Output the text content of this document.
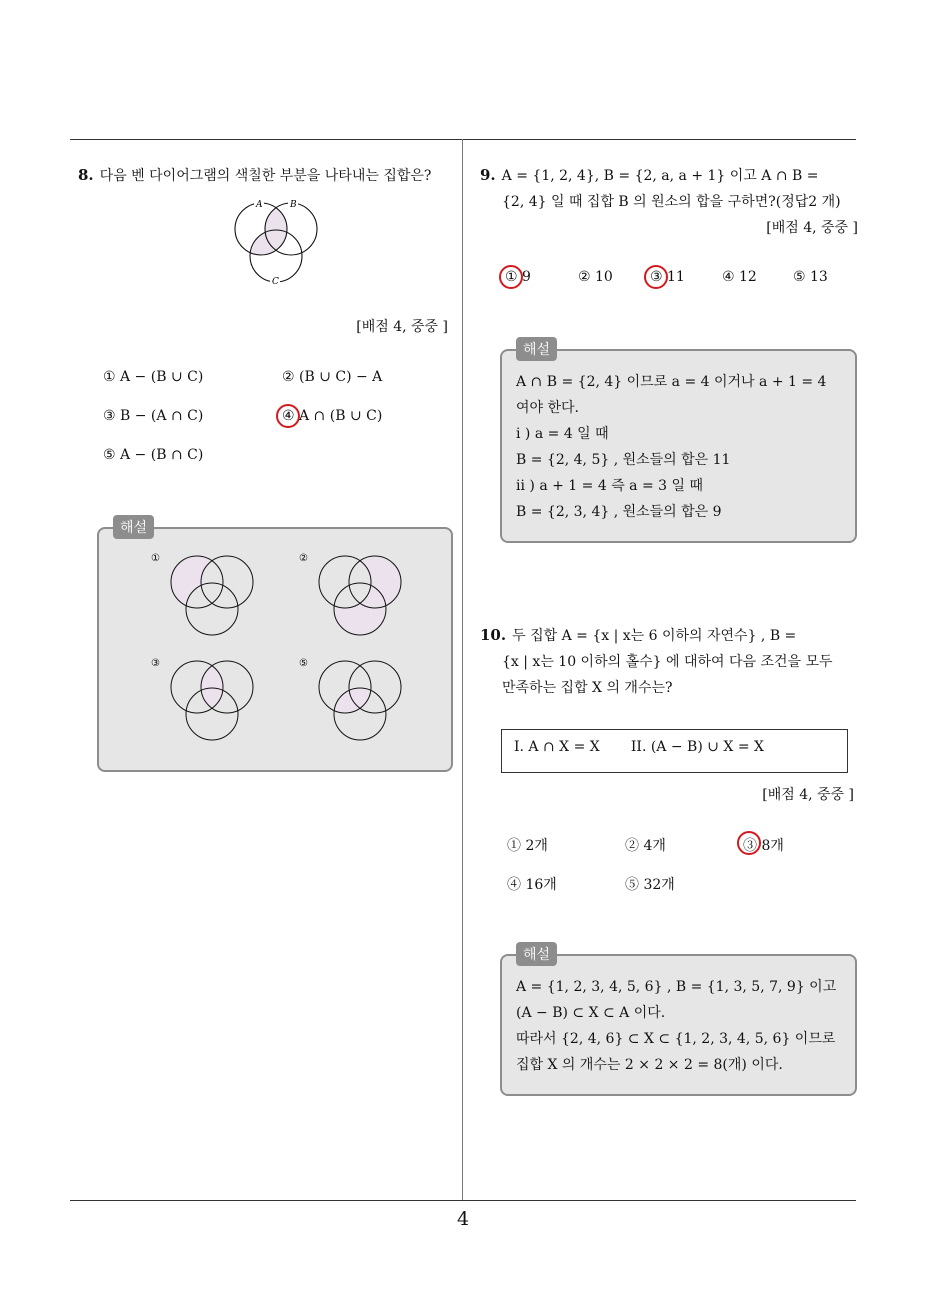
4
8. 다음 벤 다이어그램의 색칠한 부분을 나타내는 집합은?
A	B
C
[배점 4, 중중 ]
① A − (B ∪ C)	② (B ∪ C) − A
③ B − (A ∩ C)	④ A ∩ (B ∪ C)
⑤ A − (B ∩ C)
해설
①	②
③	⑤
9. A = {1, 2, 4}, B = {2, a, a + 1} 이고 A ∩ B =
{2, 4} 일 때 집합 B 의 원소의 합을 구하면?(정답2 개)
[배점 4, 중중 ]
① 9	② 10	③ 11	④ 12	⑤ 13
해설
A ∩ B = {2, 4} 이므로 a = 4 이거나 a + 1 = 4
여야 한다.
i ) a = 4 일 때
B = {2, 4, 5} , 원소들의 합은 11
ii ) a + 1 = 4 즉 a = 3 일 때
B = {2, 3, 4} , 원소들의 합은 9
10. 두 집합 A = {x | x는 6 이하의 자연수} , B =
{x | x는 10 이하의 홀수} 에 대하여 다음 조건을 모두
만족하는 집합 X 의 개수는?
I. A ∩ X = X       II. (A − B) ∪ X = X
[배점 4, 중중 ]
① 2개	② 4개	③ 8개
④ 16개	⑤ 32개
해설
A = {1, 2, 3, 4, 5, 6} , B = {1, 3, 5, 7, 9} 이고
(A − B) ⊂ X ⊂ A 이다.
따라서 {2, 4, 6} ⊂ X ⊂ {1, 2, 3, 4, 5, 6} 이므로
집합 X 의 개수는 2 × 2 × 2 = 8(개) 이다.
